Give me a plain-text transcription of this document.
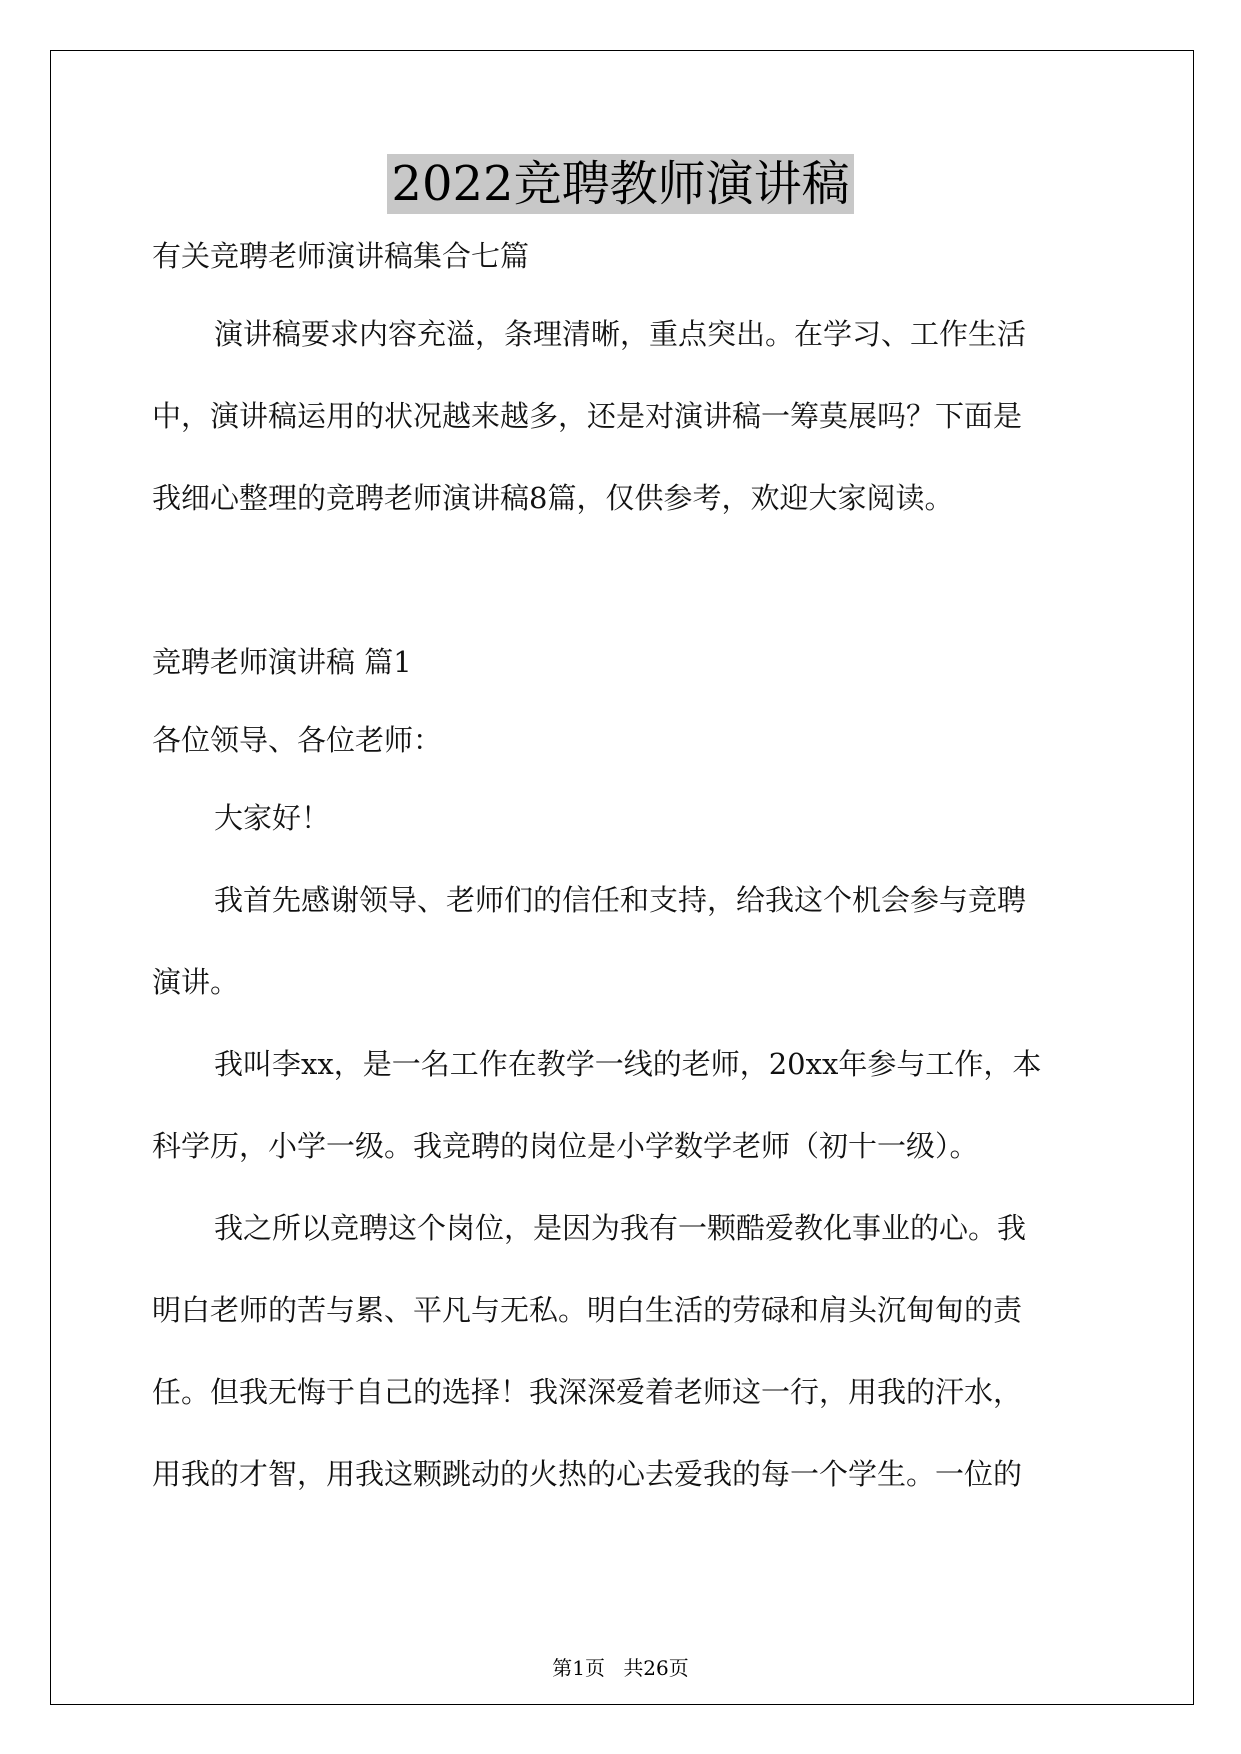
2022竞聘教师演讲稿
有关竞聘老师演讲稿集合七篇
演讲稿要求内容充溢，条理清晰，重点突出。在学习、工作生活
中，演讲稿运用的状况越来越多，还是对演讲稿一筹莫展吗？下面是
我细心整理的竞聘老师演讲稿8篇，仅供参考，欢迎大家阅读。
竞聘老师演讲稿 篇1
各位领导、各位老师：
大家好！
我首先感谢领导、老师们的信任和支持，给我这个机会参与竞聘
演讲。
我叫李xx，是一名工作在教学一线的老师，20xx年参与工作，本
科学历，小学一级。我竞聘的岗位是小学数学老师（初十一级）。
我之所以竞聘这个岗位，是因为我有一颗酷爱教化事业的心。我
明白老师的苦与累、平凡与无私。明白生活的劳碌和肩头沉甸甸的责
任。但我无悔于自己的选择！我深深爱着老师这一行，用我的汗水，
用我的才智，用我这颗跳动的火热的心去爱我的每一个学生。一位的
第1页 共26页
